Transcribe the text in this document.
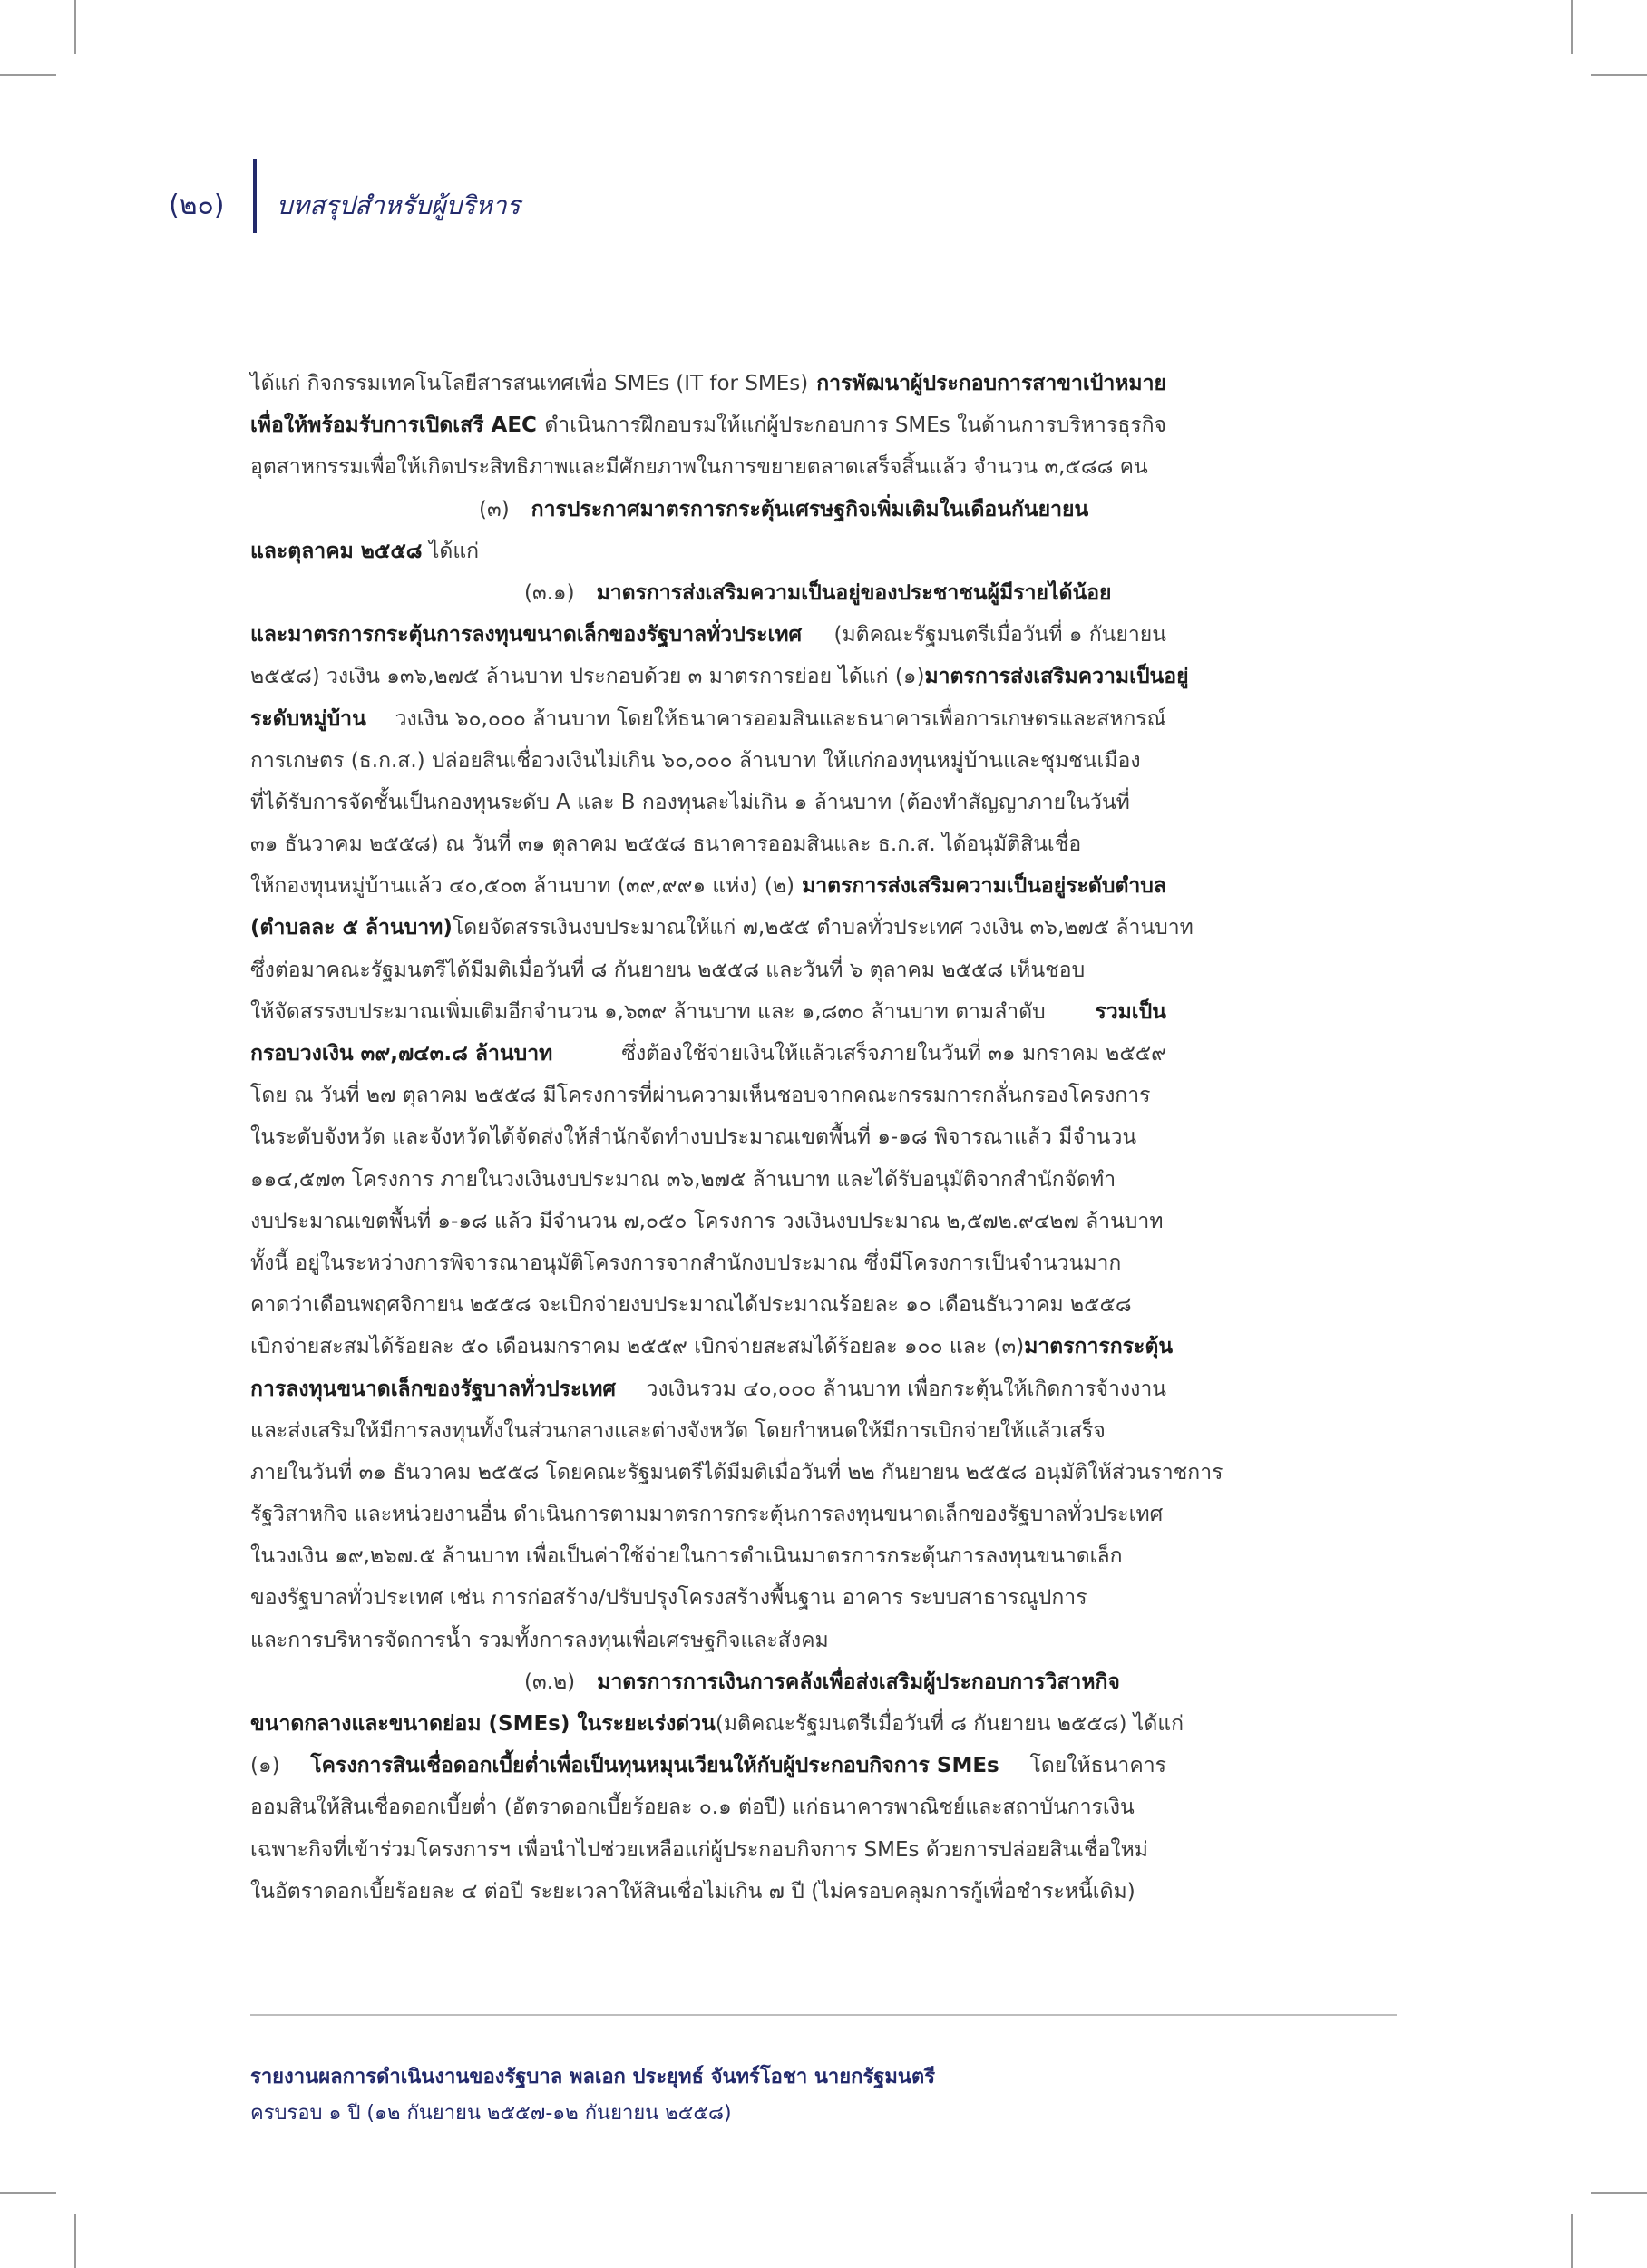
(๒๐) บทสรุปสำหรับผู้บริหาร
ได้แก่ กิจกรรมเทคโนโลยีสารสนเทศเพื่อ SMEs (IT for SMEs) การพัฒนาผู้ประกอบการสาขาเป้าหมาย
เพื่อให้พร้อมรับการเปิดเสรี AEC ดำเนินการฝึกอบรมให้แก่ผู้ประกอบการ SMEs ในด้านการบริหารธุรกิจ
อุตสาหกรรมเพื่อให้เกิดประสิทธิภาพและมีศักยภาพในการขยายตลาดเสร็จสิ้นแล้ว จำนวน ๓,๕๘๘ คน
(๓) การประกาศมาตรการกระตุ้นเศรษฐกิจเพิ่มเติมในเดือนกันยายน
และตุลาคม ๒๕๕๘
ได้แก่
(๓.๑) มาตรการส่งเสริมความเป็นอยู่ของประชาชนผู้มีรายได้น้อย
และมาตรการกระตุ้นการลงทุนขนาดเล็กของรัฐบาลทั่วประเทศ (มติคณะรัฐมนตรีเมื่อวันที่ ๑ กันยายน
๒๕๕๘) วงเงิน ๑๓๖,๒๗๕ ล้านบาท ประกอบด้วย ๓ มาตรการย่อย ได้แก่ (๑) มาตรการส่งเสริมความเป็นอยู่
ระดับหมู่บ้าน วงเงิน ๖๐,๐๐๐ ล้านบาท โดยให้ธนาคารออมสินและธนาคารเพื่อการเกษตรและสหกรณ์
การเกษตร (ธ.ก.ส.) ปล่อยสินเชื่อวงเงินไม่เกิน ๖๐,๐๐๐ ล้านบาท ให้แก่กองทุนหมู่บ้านและชุมชนเมือง
ที่ได้รับการจัดชั้นเป็นกองทุนระดับ A และ B กองทุนละไม่เกิน ๑ ล้านบาท (ต้องทำสัญญาภายในวันที่
๓๑ ธันวาคม ๒๕๕๘) ณ วันที่ ๓๑ ตุลาคม ๒๕๕๘ ธนาคารออมสินและ ธ.ก.ส. ได้อนุมัติสินเชื่อ
ให้กองทุนหมู่บ้านแล้ว ๔๐,๕๐๓ ล้านบาท (๓๙,๙๙๑ แห่ง) (๒) มาตรการส่งเสริมความเป็นอยู่ระดับตำบล
(ตำบลละ ๕ ล้านบาท) โดยจัดสรรเงินงบประมาณให้แก่ ๗,๒๕๕ ตำบลทั่วประเทศ วงเงิน ๓๖,๒๗๕ ล้านบาท
ซึ่งต่อมาคณะรัฐมนตรีได้มีมติเมื่อวันที่ ๘ กันยายน ๒๕๕๘ และวันที่ ๖ ตุลาคม ๒๕๕๘ เห็นชอบ
ให้จัดสรรงบประมาณเพิ่มเติมอีกจำนวน ๑,๖๓๙ ล้านบาท และ ๑,๘๓๐ ล้านบาท ตามลำดับ รวมเป็น
กรอบวงเงิน ๓๙,๗๔๓.๘ ล้านบาท	ซึ่งต้องใช้จ่ายเงินให้แล้วเสร็จภายในวันที่ ๓๑ มกราคม ๒๕๕๙
โดย ณ วันที่ ๒๗ ตุลาคม ๒๕๕๘ มีโครงการที่ผ่านความเห็นชอบจากคณะกรรมการกลั่นกรองโครงการ
ในระดับจังหวัด และจังหวัดได้จัดส่งให้สำนักจัดทำงบประมาณเขตพื้นที่ ๑-๑๘ พิจารณาแล้ว มีจำนวน
๑๑๔,๕๗๓ โครงการ ภายในวงเงินงบประมาณ ๓๖,๒๗๕ ล้านบาท และได้รับอนุมัติจากสำนักจัดทำ
งบประมาณเขตพื้นที่ ๑-๑๘ แล้ว มีจำนวน ๗,๐๕๐ โครงการ วงเงินงบประมาณ ๒,๕๗๒.๙๔๒๗ ล้านบาท
ทั้งนี้ อยู่ในระหว่างการพิจารณาอนุมัติโครงการจากสำนักงบประมาณ ซึ่งมีโครงการเป็นจำนวนมาก
คาดว่าเดือนพฤศจิกายน ๒๕๕๘ จะเบิกจ่ายงบประมาณได้ประมาณร้อยละ ๑๐ เดือนธันวาคม ๒๕๕๘
เบิกจ่ายสะสมได้ร้อยละ ๕๐ เดือนมกราคม ๒๕๕๙ เบิกจ่ายสะสมได้ร้อยละ ๑๐๐ และ (๓) มาตรการกระตุ้น
การลงทุนขนาดเล็กของรัฐบาลทั่วประเทศ วงเงินรวม ๔๐,๐๐๐ ล้านบาท เพื่อกระตุ้นให้เกิดการจ้างงาน
และส่งเสริมให้มีการลงทุนทั้งในส่วนกลางและต่างจังหวัด โดยกำหนดให้มีการเบิกจ่ายให้แล้วเสร็จ
ภายในวันที่ ๓๑ ธันวาคม ๒๕๕๘ โดยคณะรัฐมนตรีได้มีมติเมื่อวันที่ ๒๒ กันยายน ๒๕๕๘ อนุมัติให้ส่วนราชการ
รัฐวิสาหกิจ และหน่วยงานอื่น ดำเนินการตามมาตรการกระตุ้นการลงทุนขนาดเล็กของรัฐบาลทั่วประเทศ
ในวงเงิน ๑๙,๒๖๗.๕ ล้านบาท เพื่อเป็นค่าใช้จ่ายในการดำเนินมาตรการกระตุ้นการลงทุนขนาดเล็ก
ของรัฐบาลทั่วประเทศ เช่น การก่อสร้าง/ปรับปรุงโครงสร้างพื้นฐาน อาคาร ระบบสาธารณูปการ
และการบริหารจัดการน้ำ รวมทั้งการลงทุนเพื่อเศรษฐกิจและสังคม
(๓.๒) มาตรการการเงินการคลังเพื่อส่งเสริมผู้ประกอบการวิสาหกิจ
ขนาดกลางและขนาดย่อม (SMEs) ในระยะเร่งด่วน (มติคณะรัฐมนตรีเมื่อวันที่ ๘ กันยายน ๒๕๕๘) ได้แก่
(๑) โครงการสินเชื่อดอกเบี้ยต่ำเพื่อเป็นทุนหมุนเวียนให้กับผู้ประกอบกิจการ SMEs โดยให้ธนาคาร
ออมสินให้สินเชื่อดอกเบี้ยต่ำ (อัตราดอกเบี้ยร้อยละ ๐.๑ ต่อปี) แก่ธนาคารพาณิชย์และสถาบันการเงิน
เฉพาะกิจที่เข้าร่วมโครงการฯ เพื่อนำไปช่วยเหลือแก่ผู้ประกอบกิจการ SMEs ด้วยการปล่อยสินเชื่อใหม่
ในอัตราดอกเบี้ยร้อยละ ๔ ต่อปี ระยะเวลาให้สินเชื่อไม่เกิน ๗ ปี (ไม่ครอบคลุมการกู้เพื่อชำระหนี้เดิม)
รายงานผลการดำเนินงานของรัฐบาล พลเอก ประยุทธ์ จันทร์โอชา นายกรัฐมนตรี
ครบรอบ ๑ ปี (๑๒ กันยายน ๒๕๕๗-๑๒ กันยายน ๒๕๕๘)
